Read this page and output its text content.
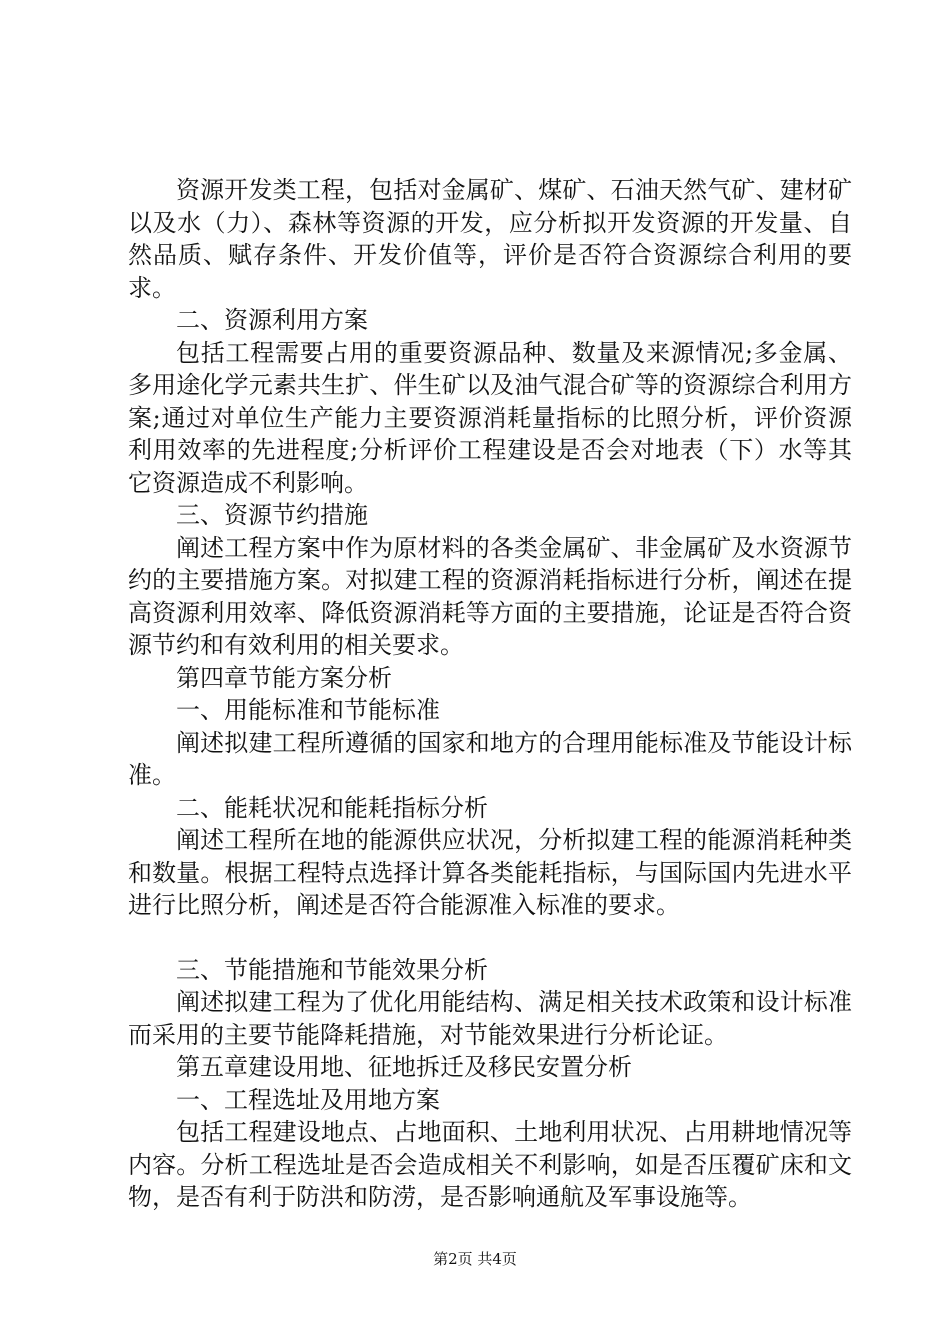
资源开发类工程，包括对金属矿、煤矿、石油天然气矿、建材矿以及水（力）、森林等资源的开发，应分析拟开发资源的开发量、自然品质、赋存条件、开发价值等，评价是否符合资源综合利用的要求。

二、资源利用方案

包括工程需要占用的重要资源品种、数量及来源情况;多金属、多用途化学元素共生扩、伴生矿以及油气混合矿等的资源综合利用方案;通过对单位生产能力主要资源消耗量指标的比照分析，评价资源利用效率的先进程度;分析评价工程建设是否会对地表（下）水等其它资源造成不利影响。

三、资源节约措施

阐述工程方案中作为原材料的各类金属矿、非金属矿及水资源节约的主要措施方案。对拟建工程的资源消耗指标进行分析，阐述在提高资源利用效率、降低资源消耗等方面的主要措施，论证是否符合资源节约和有效利用的相关要求。

第四章节能方案分析

一、用能标准和节能标准

阐述拟建工程所遵循的国家和地方的合理用能标准及节能设计标准。

二、能耗状况和能耗指标分析

阐述工程所在地的能源供应状况，分析拟建工程的能源消耗种类和数量。根据工程特点选择计算各类能耗指标，与国际国内先进水平进行比照分析，阐述是否符合能源准入标准的要求。

三、节能措施和节能效果分析

阐述拟建工程为了优化用能结构、满足相关技术政策和设计标准而采用的主要节能降耗措施，对节能效果进行分析论证。

第五章建设用地、征地拆迁及移民安置分析

一、工程选址及用地方案

包括工程建设地点、占地面积、土地利用状况、占用耕地情况等内容。分析工程选址是否会造成相关不利影响，如是否压覆矿床和文物，是否有利于防洪和防涝，是否影响通航及军事设施等。

第2页 共4页
